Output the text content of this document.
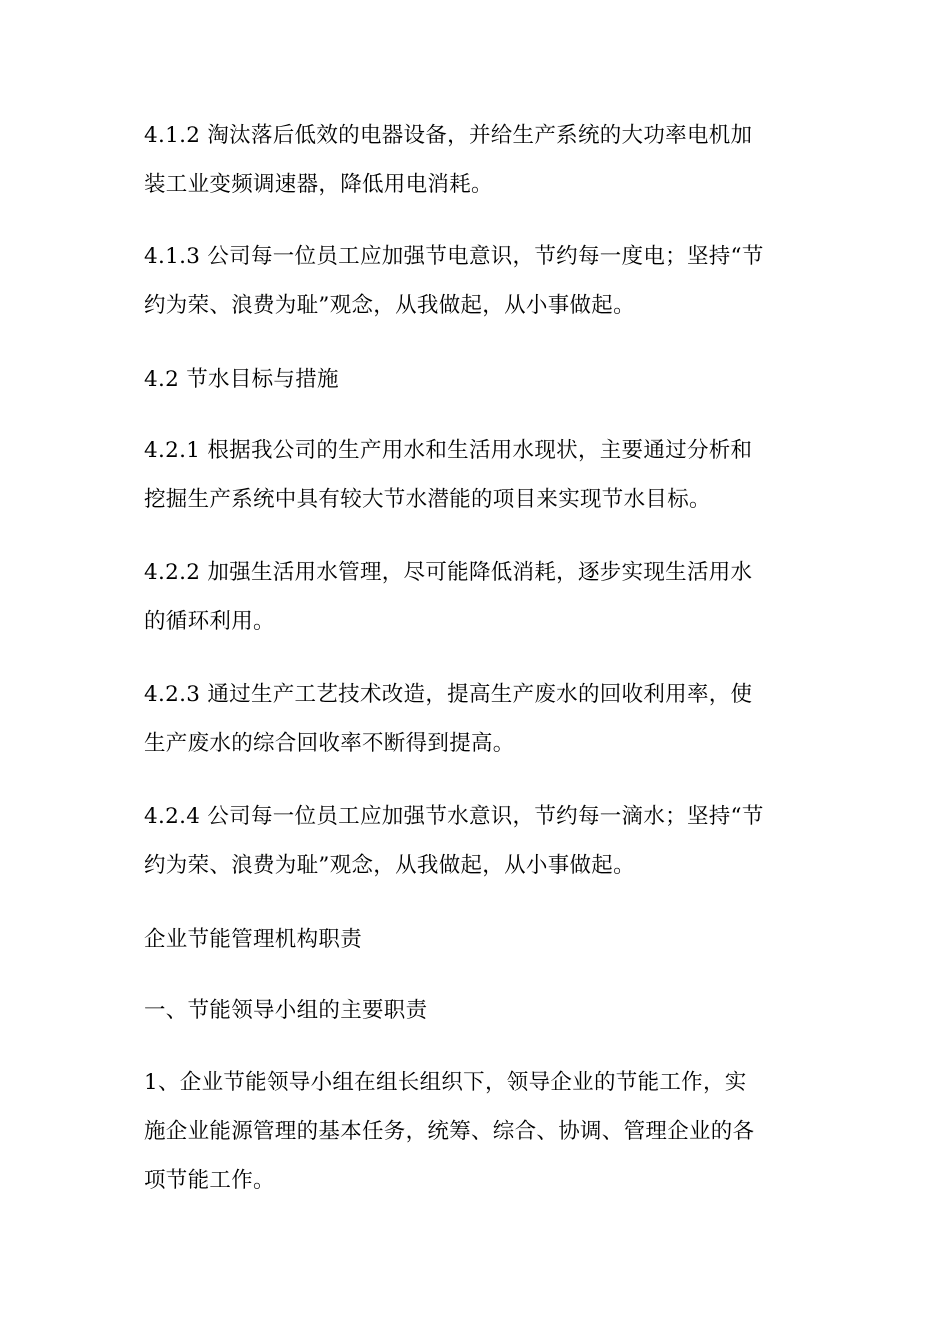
4.1.2 淘汰落后低效的电器设备，并给生产系统的大功率电机加
装工业变频调速器，降低用电消耗。
4.1.3 公司每一位员工应加强节电意识，节约每一度电；坚持“节
约为荣、浪费为耻”观念，从我做起，从小事做起。
4.2 节水目标与措施
4.2.1 根据我公司的生产用水和生活用水现状，主要通过分析和
挖掘生产系统中具有较大节水潜能的项目来实现节水目标。
4.2.2 加强生活用水管理，尽可能降低消耗，逐步实现生活用水
的循环利用。
4.2.3 通过生产工艺技术改造，提高生产废水的回收利用率，使
生产废水的综合回收率不断得到提高。
4.2.4 公司每一位员工应加强节水意识，节约每一滴水；坚持“节
约为荣、浪费为耻”观念，从我做起，从小事做起。
企业节能管理机构职责
一、节能领导小组的主要职责
1、企业节能领导小组在组长组织下，领导企业的节能工作，实
施企业能源管理的基本任务，统筹、综合、协调、管理企业的各
项节能工作。
